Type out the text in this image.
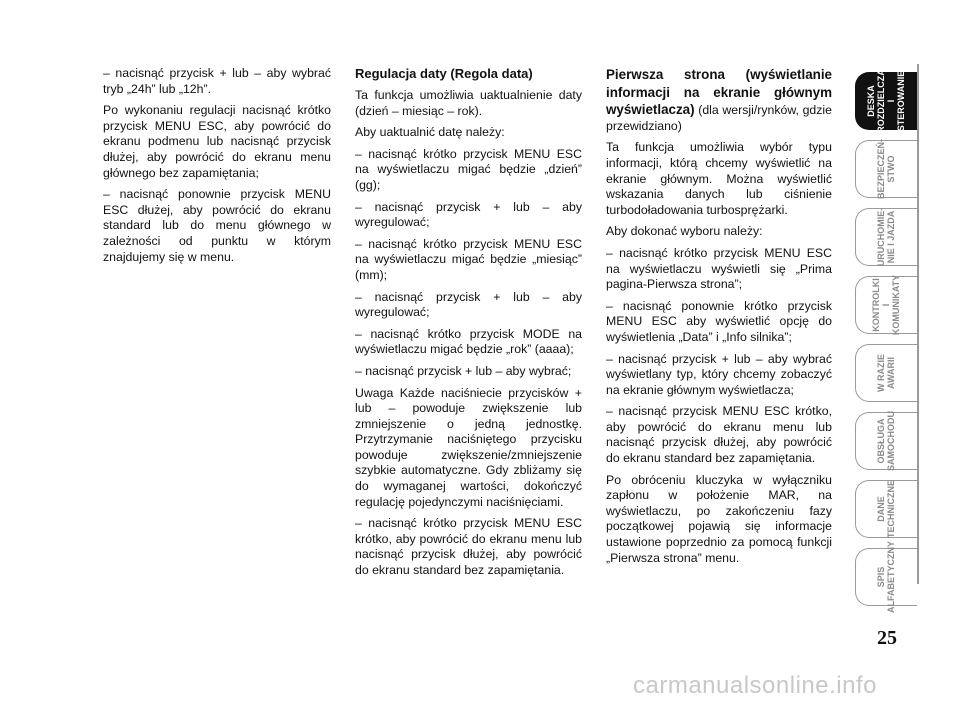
– nacisnąć przycisk + lub – aby wybrać tryb „24h” lub „12h”.

Po wykonaniu regulacji nacisnąć krótko przycisk MENU ESC, aby powrócić do ekranu podmenu lub nacisnąć przycisk dłużej, aby powrócić do ekranu menu głównego bez zapamiętania;

– nacisnąć ponownie przycisk MENU ESC dłużej, aby powrócić do ekranu standard lub do menu głównego w zależności od punktu w którym znajdujemy się w menu.

Regulacja daty (Regola data)

Ta funkcja umożliwia uaktualnienie daty (dzień – miesiąc – rok).

Aby uaktualnić datę należy:

– nacisnąć krótko przycisk MENU ESC na wyświetlaczu migać będzie „dzień” (gg);

– nacisnąć przycisk + lub – aby wyregulować;

– nacisnąć krótko przycisk MENU ESC na wyświetlaczu migać będzie „miesiąc” (mm);

– nacisnąć przycisk + lub – aby wyregulować;

– nacisnąć krótko przycisk MODE na wyświetlaczu migać będzie „rok” (aaaa);

– nacisnąć przycisk + lub – aby wybrać;

Uwaga Każde naciśniecie przycisków + lub – powoduje zwiększenie lub zmniejszenie o jedną jednostkę. Przytrzymanie naciśniętego przycisku powoduje zwiększenie/zmniejszenie szybkie automatyczne. Gdy zbliżamy się do wymaganej wartości, dokończyć regulację pojedynczymi naciśnięciami.

– nacisnąć krótko przycisk MENU ESC krótko, aby powrócić do ekranu menu lub nacisnąć przycisk dłużej, aby powrócić do ekranu standard bez zapamiętania.

Pierwsza strona (wyświetlanie informacji na ekranie głównym wyświetlacza) (dla wersji/rynków, gdzie przewidziano)

Ta funkcja umożliwia wybór typu informacji, którą chcemy wyświetlić na ekranie głównym. Można wyświetlić wskazania danych lub ciśnienie turbodoładowania turbosprężarki.

Aby dokonać wyboru należy:

– nacisnąć krótko przycisk MENU ESC na wyświetlaczu wyświetli się „Prima pagina-Pierwsza strona”;

– nacisnąć ponownie krótko przycisk MENU ESC aby wyświetlić opcję do wyświetlenia „Data” i „Info silnika”;

– nacisnąć przycisk + lub – aby wybrać wyświetlany typ, który chcemy zobaczyć na ekranie głównym wyświetlacza;

– nacisnąć przycisk MENU ESC krótko, aby powrócić do ekranu menu lub nacisnąć przycisk dłużej, aby powrócić do ekranu standard bez zapamiętania.

Po obróceniu kluczyka w wyłączniku zapłonu w położenie MAR, na wyświetlaczu, po zakończeniu fazy początkowej pojawią się informacje ustawione poprzednio za pomocą funkcji „Pierwsza strona” menu.

DESKA ROZDZIELCZA I STEROWANIE
BEZPIECZEŃ- STWO
URUCHOMIE- NIE I JAZDA
KONTROLKI I KOMUNIKATY
W RAZIE AWARII
OBSŁUGA SAMOCHODU
DANE TECHNICZNE
SPIS ALFABETYCZNY
25
carmanualsonline.info
